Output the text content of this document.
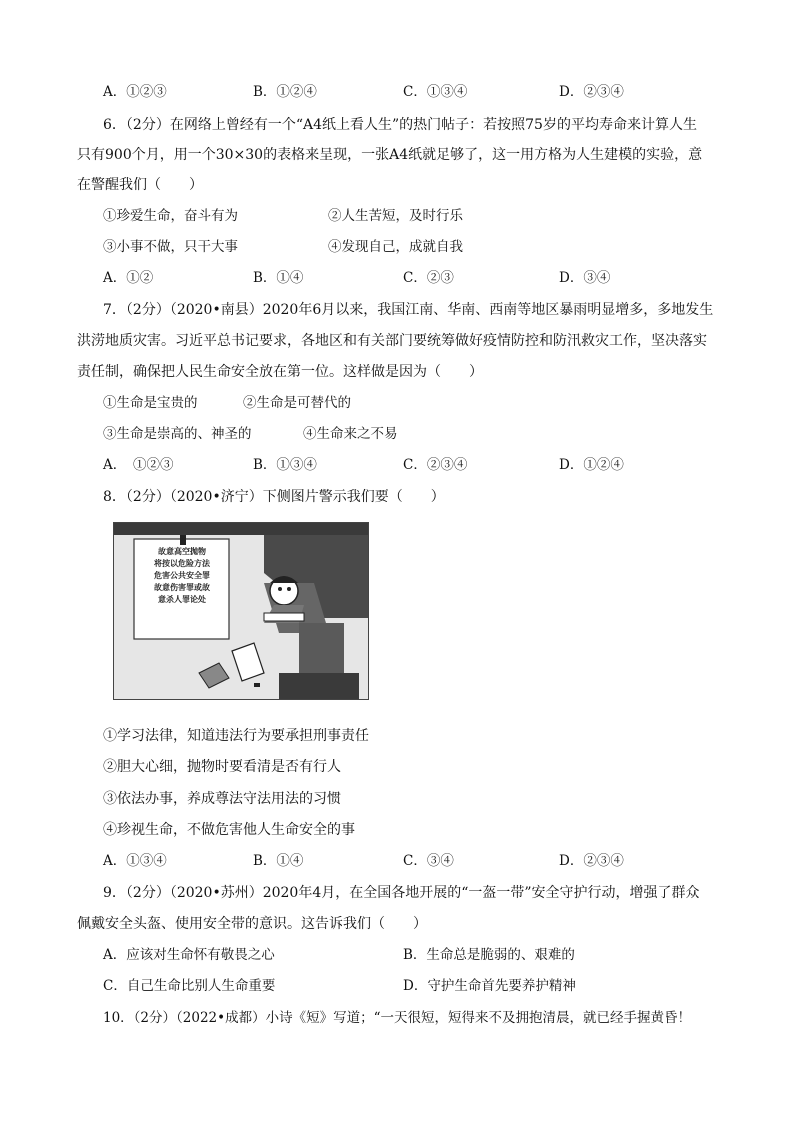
A．①②③	B．①②④	C．①③④	D．②③④
6．（2分）在网络上曾经有一个“A4纸上看人生”的热门帖子：若按照75岁的平均寿命来计算人生
只有900个月，用一个30×30的表格来呈现，一张A4纸就足够了，这一用方格为人生建模的实验，意
在警醒我们（　　）
①珍爱生命，奋斗有为	②人生苦短，及时行乐
③小事不做，只干大事	④发现自己，成就自我
A．①②	B．①④	C．②③	D．③④
7．（2分）（2020•南县）2020年6月以来，我国江南、华南、西南等地区暴雨明显增多，多地发生
洪涝地质灾害。习近平总书记要求，各地区和有关部门要统筹做好疫情防控和防汛救灾工作，坚决落实
责任制，确保把人民生命安全放在第一位。这样做是因为（　　）
①生命是宝贵的	②生命是可替代的
③生命是崇高的、神圣的	④生命来之不易
A．　①②③	B．①③④	C．②③④	D．①②④
8．（2分）（2020•济宁）下侧图片警示我们要（　　）
故意高空抛物
将按以危险方法
危害公共安全罪
故意伤害罪或故
意杀人罪论处
①学习法律，知道违法行为要承担刑事责任
②胆大心细，抛物时要看清是否有行人
③依法办事，养成尊法守法用法的习惯
④珍视生命，不做危害他人生命安全的事
A．①③④	B．①④	C．③④	D．②③④
9．（2分）（2020•苏州）2020年4月，在全国各地开展的“一盔一带”安全守护行动，增强了群众
佩戴安全头盔、使用安全带的意识。这告诉我们（　　）
A．应该对生命怀有敬畏之心	B．生命总是脆弱的、艰难的
C．自己生命比别人生命重要	D．守护生命首先要养护精神
10．（2分）（2022•成都）小诗《短》写道；“一天很短，短得来不及拥抱清晨，就已经手握黄昏！
